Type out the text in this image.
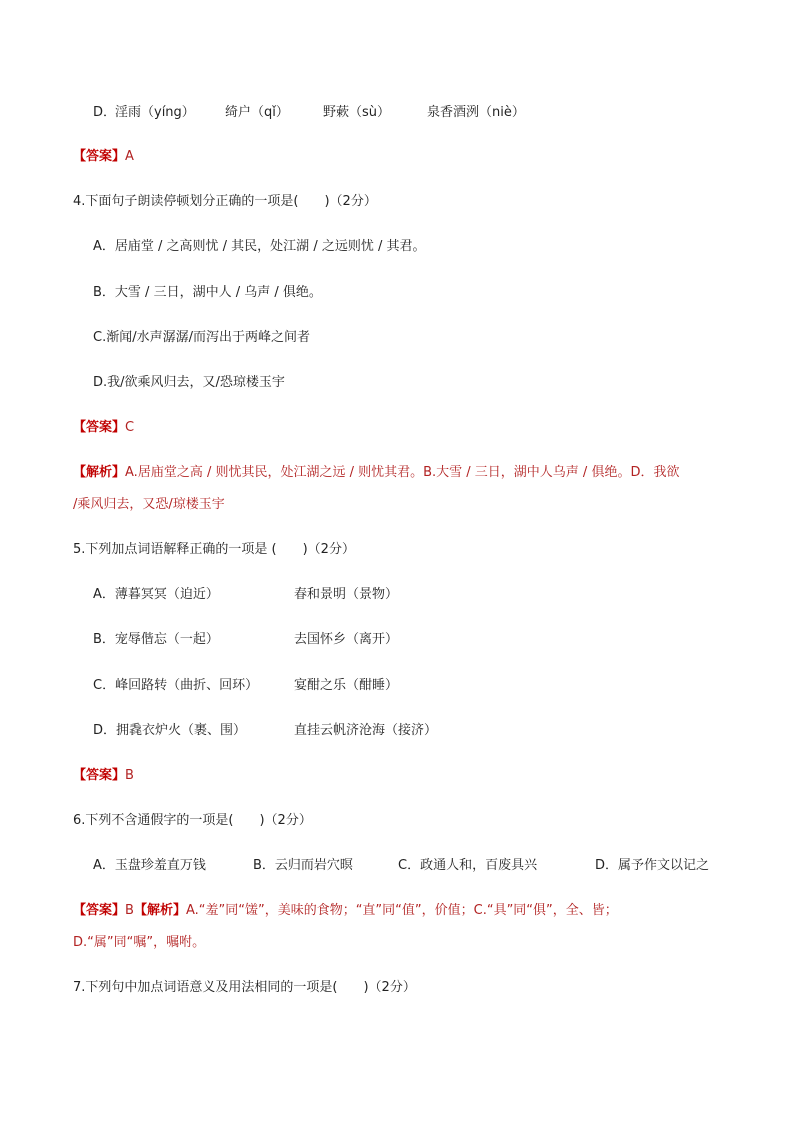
D．
淫雨（yíng） 绮户（qǐ）	野蔌（sù）	泉香酒洌（niè）
【答案】A
4.下面句子朗读停顿划分正确的一项是(　　)（2分）
A．居庙堂 / 之高则忧 / 其民，处江湖 / 之远则忧 / 其君。
B．大雪 / 三日，湖中人 / 乌声 / 俱绝。
C.渐闻/水声潺潺/而泻出于两峰之间者
D.我/欲乘风归去，又/恐琼楼玉宇
【答案】C
【解析】A.居庙堂之高 / 则忧其民，处江湖之远 / 则忧其君。B.大雪 / 三日，湖中人乌声 / 俱绝。D．我欲
/乘风归去，又恐/琼楼玉宇
5.下列加点词语解释正确的一项是 (　　)（2分）
A．薄暮冥冥（迫近）	春和景明（景物）
B．宠辱偕忘（一起）	去国怀乡（离开）
C．峰回路转（曲折、回环）	宴酣之乐（酣睡）
D．拥毳衣炉火（裹、围）	直挂云帆济沧海（接济）
【答案】B
6.下列不含通假字的一项是(　　)（2分）
A．玉盘珍羞直万钱	B．云归而岩穴暝	C．政通人和，百废具兴	D．属予作文以记之
【答案】B【解析】A.“羞”同“馐”，美味的食物；“直”同“值”，价值；C.“具”同“俱”，全、皆；
D.“属”同“嘱”，嘱咐。
7.下列句中加点词语意义及用法相同的一项是(　　)（2分）
